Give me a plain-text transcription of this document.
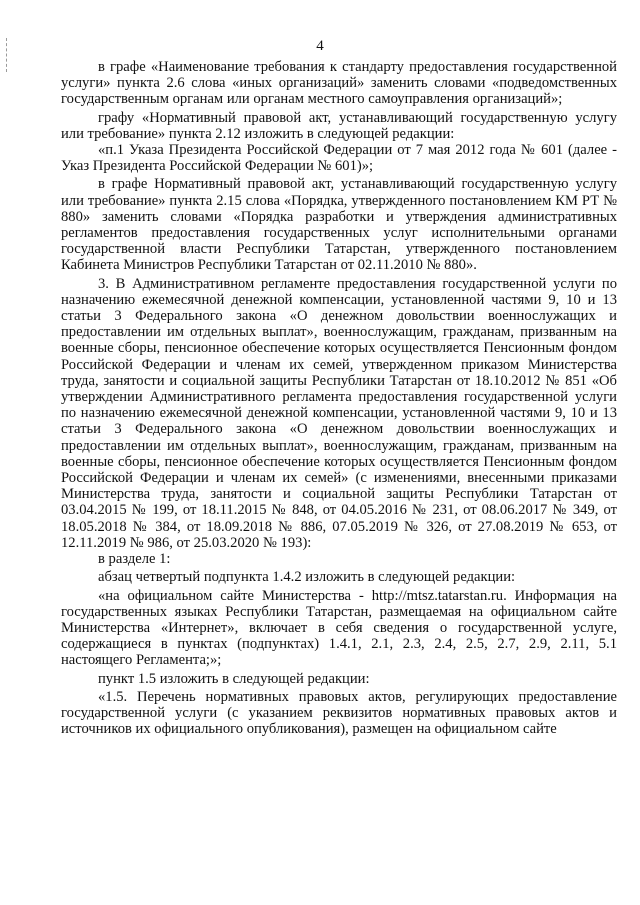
4

в графе «Наименование требования к стандарту предоставления государственной услуги» пункта 2.6 слова «иных организаций» заменить словами «подведомственных государственным органам или органам местного самоуправления организаций»;

графу «Нормативный правовой акт, устанавливающий государственную услугу или требование» пункта 2.12 изложить в следующей редакции:

«п.1 Указа Президента Российской Федерации от 7 мая 2012 года № 601 (далее - Указ Президента Российской Федерации № 601)»;

в графе Нормативный правовой акт, устанавливающий государственную услугу или требование» пункта 2.15 слова «Порядка, утвержденного постановлением КМ РТ № 880» заменить словами «Порядка разработки и утверждения административных регламентов предоставления государственных услуг исполнительными органами государственной власти Республики Татарстан, утвержденного постановлением Кабинета Министров Республики Татарстан от 02.11.2010 № 880».

3. В Административном регламенте предоставления государственной услуги по назначению ежемесячной денежной компенсации, установленной частями 9, 10 и 13 статьи 3 Федерального закона «О денежном довольствии военнослужащих и предоставлении им отдельных выплат», военнослужащим, гражданам, призванным на военные сборы, пенсионное обеспечение которых осуществляется Пенсионным фондом Российской Федерации и членам их семей, утвержденном приказом Министерства труда, занятости и социальной защиты Республики Татарстан от 18.10.2012 № 851 «Об утверждении Административного регламента предоставления государственной услуги по назначению ежемесячной денежной компенсации, установленной частями 9, 10 и 13 статьи 3 Федерального закона «О денежном довольствии военнослужащих и предоставлении им отдельных выплат», военнослужащим, гражданам, призванным на военные сборы, пенсионное обеспечение которых осуществляется Пенсионным фондом Российской Федерации и членам их семей» (с изменениями, внесенными приказами Министерства труда, занятости и социальной защиты Республики Татарстан от 03.04.2015 № 199, от 18.11.2015 № 848, от 04.05.2016 № 231, от 08.06.2017 № 349, от 18.05.2018 № 384, от 18.09.2018 № 886, 07.05.2019 № 326, от 27.08.2019 № 653, от 12.11.2019 № 986, от 25.03.2020 № 193):

в разделе 1:

абзац четвертый подпункта 1.4.2 изложить в следующей редакции:

«на официальном сайте Министерства - http://mtsz.tatarstan.ru. Информация на государственных языках Республики Татарстан, размещаемая на официальном сайте Министерства «Интернет», включает в себя сведения о государственной услуге, содержащиеся в пунктах (подпунктах) 1.4.1, 2.1, 2.3, 2.4, 2.5, 2.7, 2.9, 2.11, 5.1 настоящего Регламента;»;

пункт 1.5 изложить в следующей редакции:

«1.5. Перечень нормативных правовых актов, регулирующих предоставление государственной услуги (с указанием реквизитов нормативных правовых актов и источников их официального опубликования), размещен на официальном сайте
